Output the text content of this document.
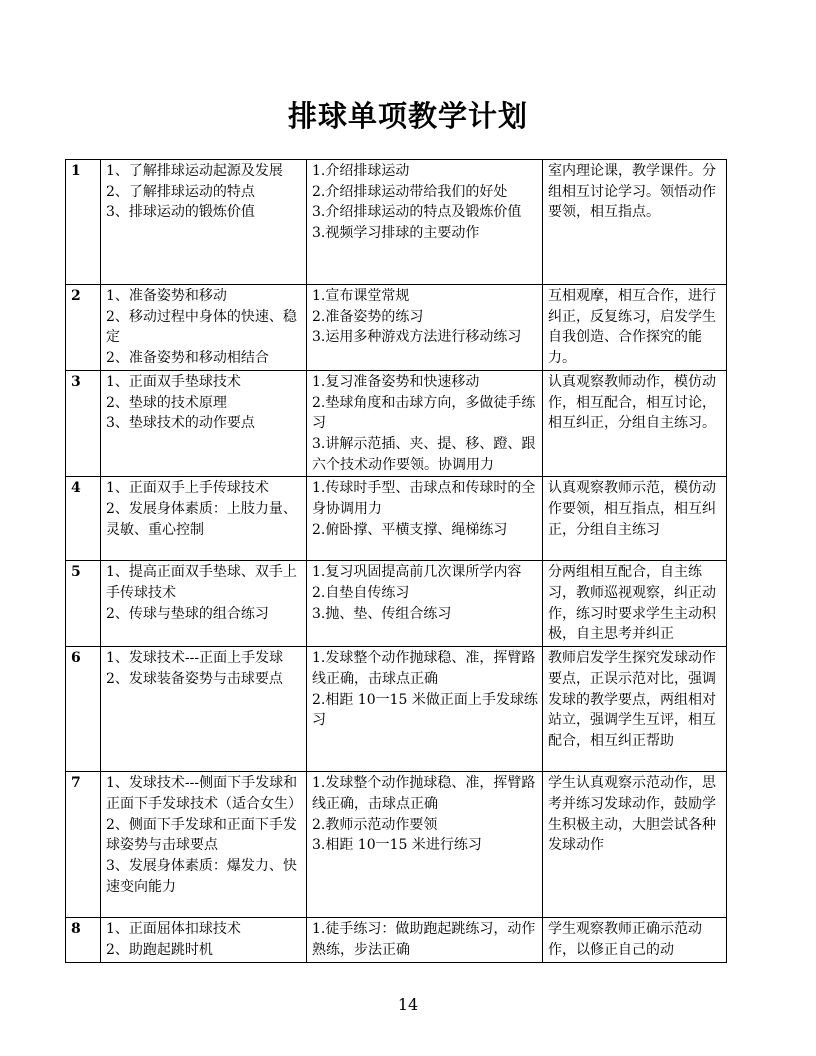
排球单项教学计划
1	1、了解排球运动起源及发展
2、了解排球运动的特点
3、排球运动的锻炼价值	1.介绍排球运动
2.介绍排球运动带给我们的好处
3.介绍排球运动的特点及锻炼价值
3.视频学习排球的主要动作	室内理论课，教学课件。分组相互讨论学习。领悟动作要领，相互指点。

2	1、准备姿势和移动
2、移动过程中身体的快速、稳定
2、准备姿势和移动相结合	1.宣布课堂常规
2.准备姿势的练习
3.运用多种游戏方法进行移动练习	互相观摩，相互合作，进行纠正，反复练习，启发学生自我创造、合作探究的能力。

3	1、正面双手垫球技术
2、垫球的技术原理
3、垫球技术的动作要点	1.复习准备姿势和快速移动
2.垫球角度和击球方向，多做徒手练习
3.讲解示范插、夹、提、移、蹬、跟六个技术动作要领。协调用力	认真观察教师动作，模仿动作，相互配合，相互讨论，相互纠正，分组自主练习。

4	1、正面双手上手传球技术
2、发展身体素质：上肢力量、灵敏、重心控制	1.传球时手型、击球点和传球时的全身协调用力
2.俯卧撑、平横支撑、绳梯练习	认真观察教师示范，模仿动作要领，相互指点，相互纠正，分组自主练习

5	1、提高正面双手垫球、双手上手传球技术
2、传球与垫球的组合练习	1.复习巩固提高前几次课所学内容
2.自垫自传练习
3.抛、垫、传组合练习	分两组相互配合，自主练习，教师巡视观察，纠正动作，练习时要求学生主动积极，自主思考并纠正

6	1、发球技术---正面上手发球
2、发球装备姿势与击球要点	1.发球整个动作抛球稳、准，挥臂路线正确，击球点正确
2.相距 10一15 米做正面上手发球练习	教师启发学生探究发球动作要点，正误示范对比，强调发球的教学要点，两组相对站立，强调学生互评，相互配合，相互纠正帮助

7	1、发球技术---侧面下手发球和正面下手发球技术（适合女生）
2、侧面下手发球和正面下手发球姿势与击球要点
3、发展身体素质：爆发力、快速变向能力	1.发球整个动作抛球稳、准，挥臂路线正确，击球点正确
2.教师示范动作要领
3.相距 10一15 米进行练习	学生认真观察示范动作，思考并练习发球动作，鼓励学生积极主动，大胆尝试各种发球动作

8	1、正面屈体扣球技术
2、助跑起跳时机	1.徒手练习：做助跑起跳练习，动作熟练，步法正确	学生观察教师正确示范动作，以修正自己的动
14
